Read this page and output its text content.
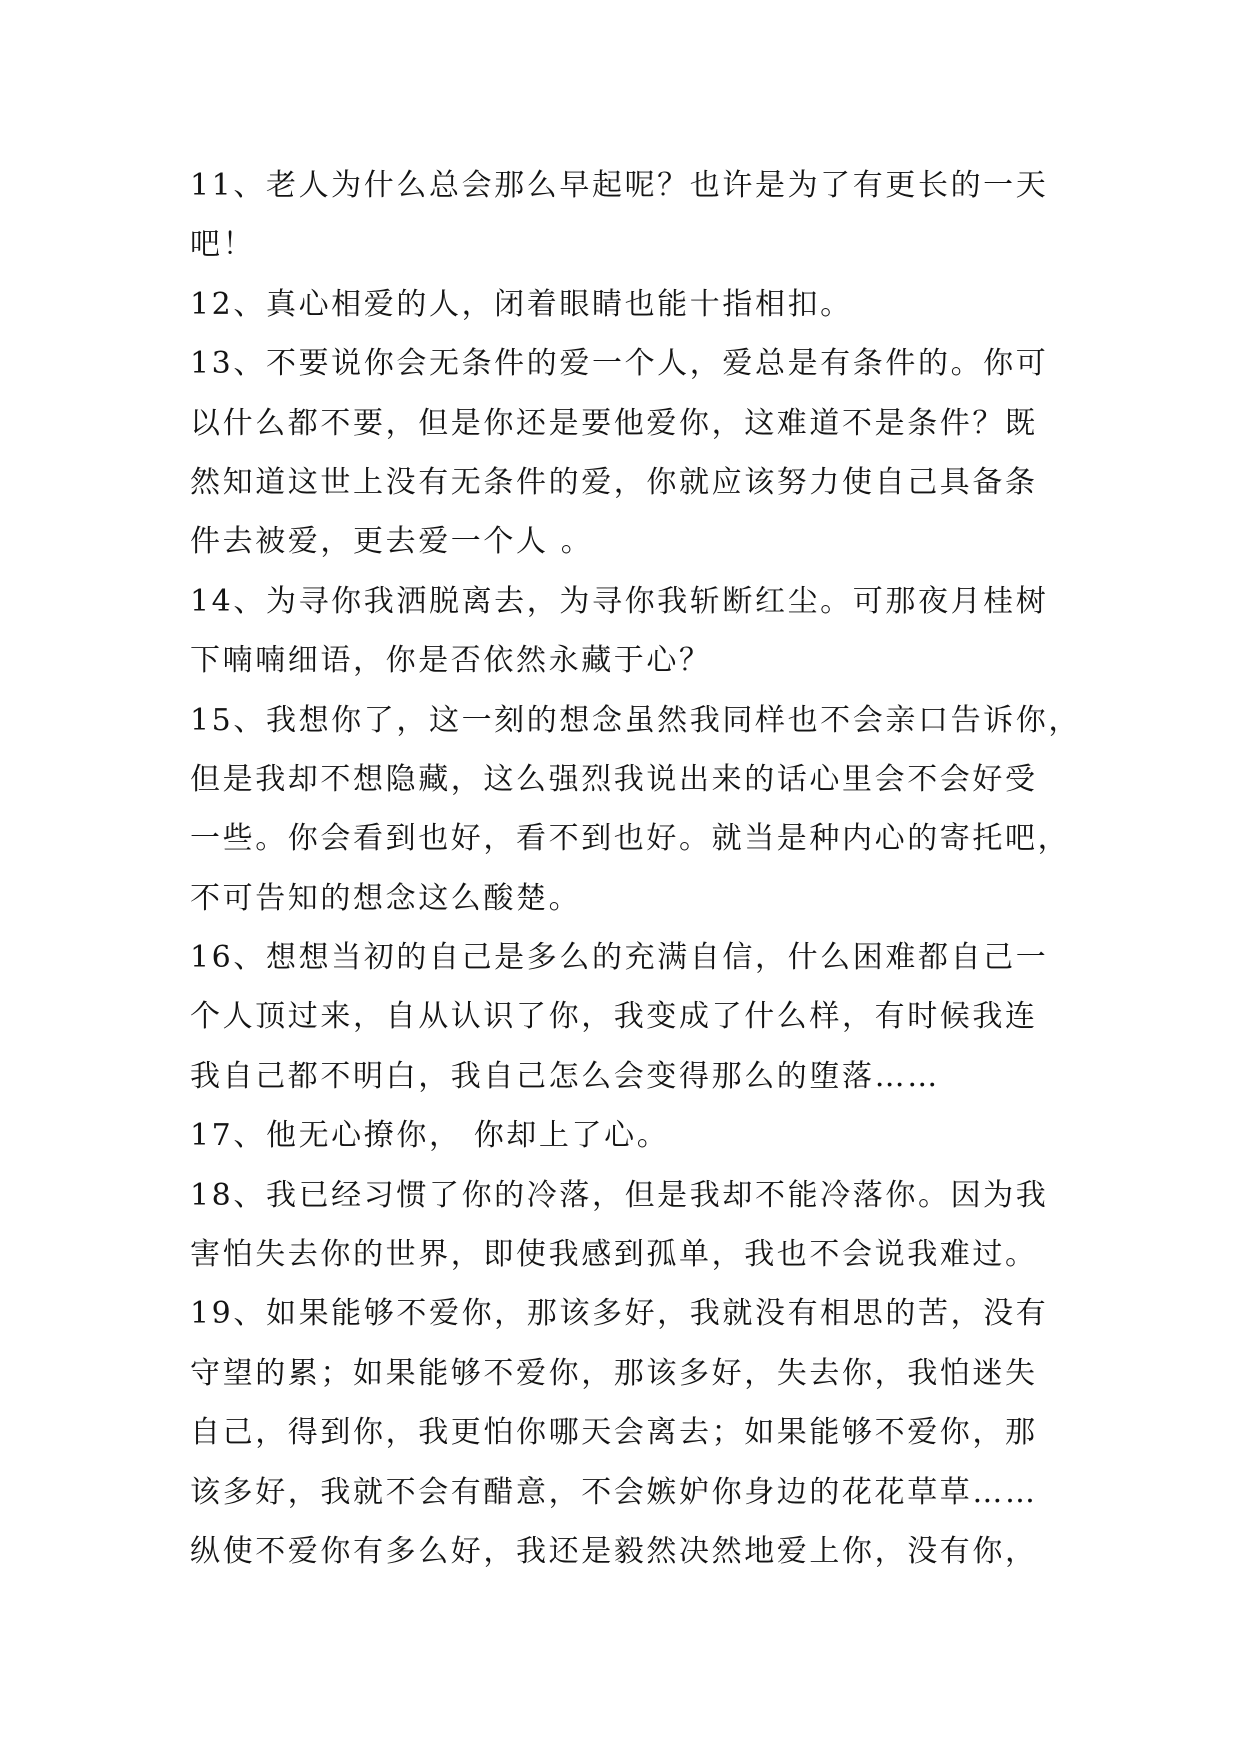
11、老人为什么总会那么早起呢？也许是为了有更长的一天
吧！
12、真心相爱的人，闭着眼睛也能十指相扣。
13、不要说你会无条件的爱一个人，爱总是有条件的。你可
以什么都不要，但是你还是要他爱你，这难道不是条件？既
然知道这世上没有无条件的爱，你就应该努力使自己具备条
件去被爱，更去爱一个人 。
14、为寻你我洒脱离去，为寻你我斩断红尘。可那夜月桂树
下喃喃细语，你是否依然永藏于心？
15、我想你了，这一刻的想念虽然我同样也不会亲口告诉你，
但是我却不想隐藏，这么强烈我说出来的话心里会不会好受
一些。你会看到也好，看不到也好。就当是种内心的寄托吧，
不可告知的想念这么酸楚。
16、想想当初的自己是多么的充满自信，什么困难都自己一
个人顶过来，自从认识了你，我变成了什么样，有时候我连
我自己都不明白，我自己怎么会变得那么的堕落……
17、他无心撩你， 你却上了心。
18、我已经习惯了你的冷落，但是我却不能冷落你。因为我
害怕失去你的世界，即使我感到孤单，我也不会说我难过。
19、如果能够不爱你，那该多好，我就没有相思的苦，没有
守望的累；如果能够不爱你，那该多好，失去你，我怕迷失
自己，得到你，我更怕你哪天会离去；如果能够不爱你，那
该多好，我就不会有醋意，不会嫉妒你身边的花花草草……
纵使不爱你有多么好，我还是毅然决然地爱上你，没有你，
